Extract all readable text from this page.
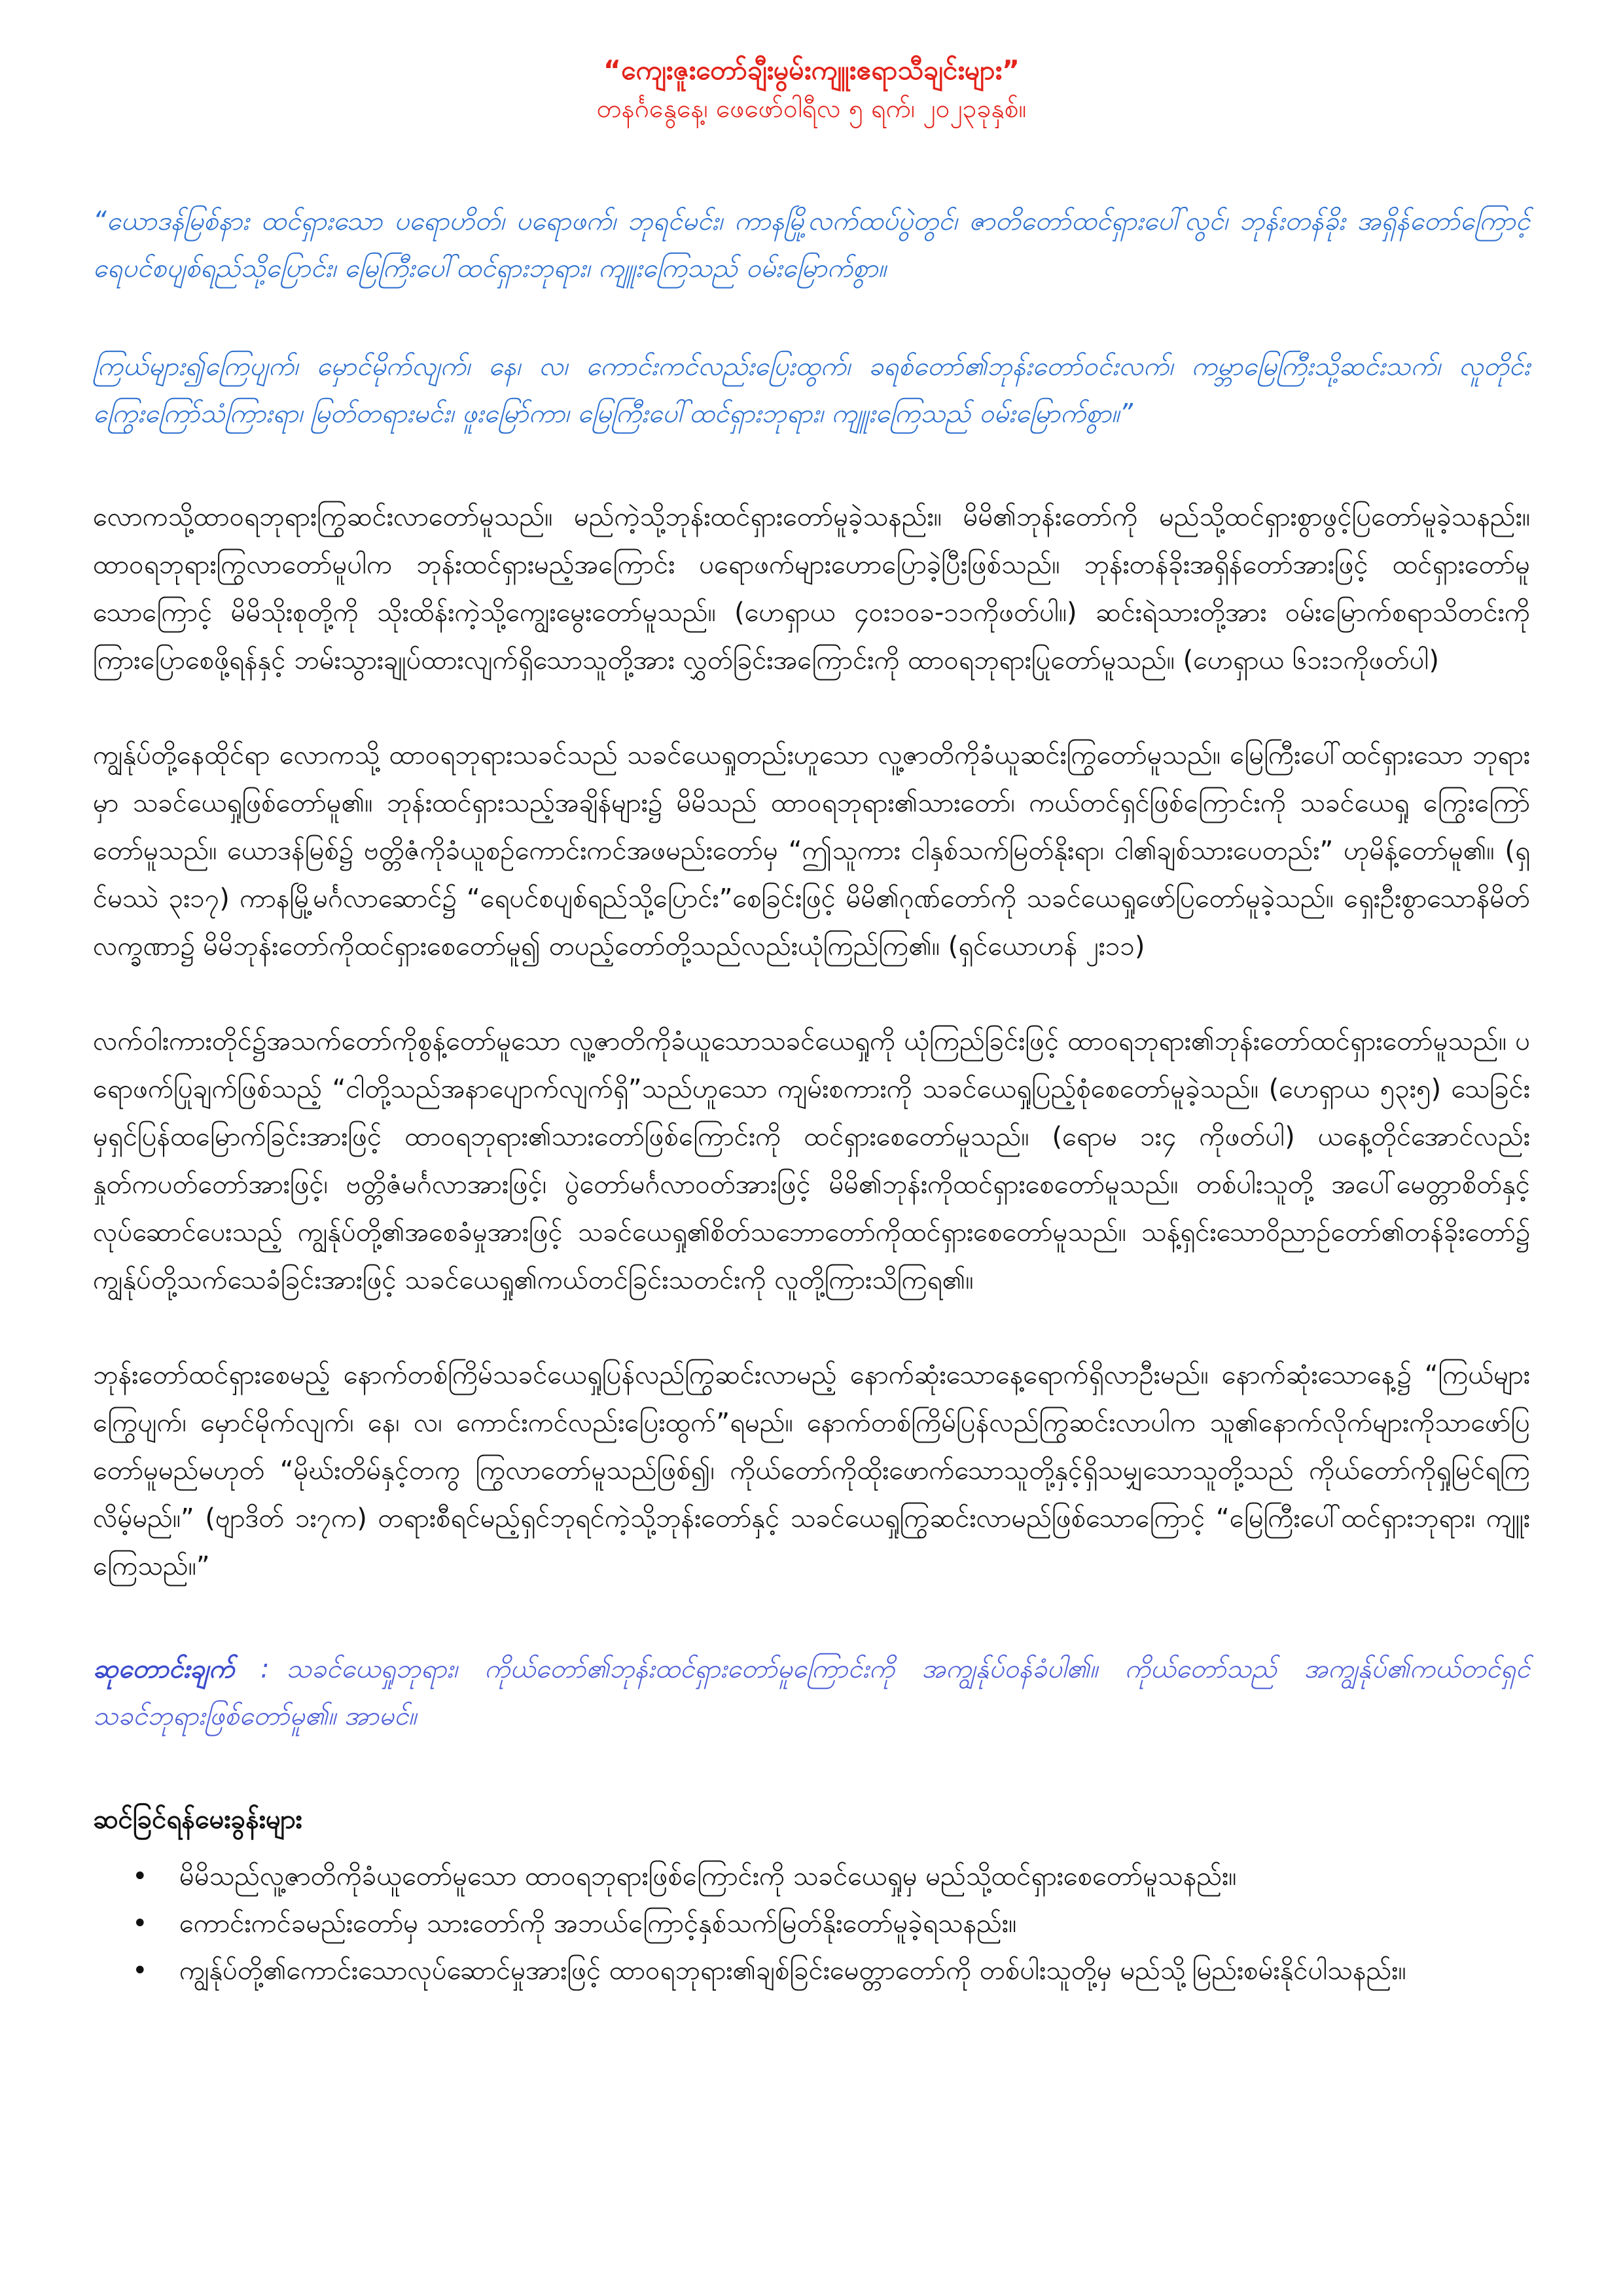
“ကျေးဇူးတော်ချီးမွမ်းကျူးဧရာသီချင်းများ”

တနင်္ဂနွေနေ့၊ ဖေဖော်ဝါရီလ ၅ ရက်၊ ၂၀၂၃ခုနှစ်။

“ယောဒန်မြစ်နား ထင်ရှားသော ပရောဟိတ်၊ ပရောဖက်၊ ဘုရင်မင်း၊ ကာနမြို့လက်ထပ်ပွဲတွင်၊ ဇာတိတော်ထင်ရှားပေါ်လွင်၊ ဘုန်းတန်ခိုး အရှိန်တော်ကြောင့် ရေပင်စပျစ်ရည်သို့ပြောင်း၊ မြေကြီးပေါ်ထင်ရှားဘုရား၊ ကျူးကြေသည် ဝမ်းမြောက်စွာ။

ကြယ်များ၍ကြေပျက်၊ မှောင်မိုက်လျက်၊ နေ၊ လ၊ ကောင်းကင်လည်းပြေးထွက်၊ ခရစ်တော်၏ဘုန်းတော်ဝင်းလက်၊ ကမ္ဘာမြေကြီးသို့ဆင်းသက်၊ လူတိုင်း ကြွေးကြော်သံကြားရာ၊ မြတ်တရားမင်း၊ ဖူးမြော်ကာ၊ မြေကြီးပေါ်ထင်ရှားဘုရား၊ ကျူးကြေသည် ဝမ်းမြောက်စွာ။”

လောကသို့ထာဝရဘုရားကြွဆင်းလာတော်မူသည်။ မည်ကဲ့သို့ဘုန်းထင်ရှားတော်မူခဲ့သနည်း။ မိမိ၏ဘုန်းတော်ကို မည်သို့ထင်ရှားစွာဖွင့်ပြတော်မူခဲ့သနည်း။ ထာဝရဘုရားကြွလာတော်မူပါက ဘုန်းထင်ရှားမည့်အကြောင်း ပရောဖက်များဟောပြောခဲ့ပြီးဖြစ်သည်။ ဘုန်းတန်ခိုးအရှိန်တော်အားဖြင့် ထင်ရှားတော်မူသောကြောင့် မိမိသိုးစုတို့ကို သိုးထိန်းကဲ့သို့ကျွေးမွေးတော်မူသည်။ (ဟေရှာယ ၄၀း၁၀ခ-၁၁ကိုဖတ်ပါ။) ဆင်းရဲသားတို့အား ဝမ်းမြောက်စရာသိတင်းကို ကြားပြောစေဖို့ရန်နှင့် ဘမ်းသွားချုပ်ထားလျက်ရှိသောသူတို့အား လွှတ်ခြင်းအကြောင်းကို ထာဝရဘုရားပြုတော်မူသည်။ (ဟေရှာယ ၆၁း၁ကိုဖတ်ပါ)

ကျွန်ုပ်တို့နေထိုင်ရာ လောကသို့ ထာဝရဘုရားသခင်သည် သခင်ယေရှုတည်းဟူသော လူ့ဇာတိကိုခံယူဆင်းကြွတော်မူသည်။ မြေကြီးပေါ်ထင်ရှားသော ဘုရားမှာ သခင်ယေရှုဖြစ်တော်မူ၏။ ဘုန်းထင်ရှားသည့်အချိန်များ၌ မိမိသည် ထာဝရဘုရား၏သားတော်၊ ကယ်တင်ရှင်ဖြစ်ကြောင်းကို သခင်ယေရှု ကြွေးကြော်တော်မူသည်။ ယောဒန်မြစ်၌ ဗတ္တိဇံကိုခံယူစဉ်ကောင်းကင်အဖမည်းတော်မှ “ဤသူကား ငါနှစ်သက်မြတ်နိုးရာ၊ ငါ၏ချစ်သားပေတည်း” ဟုမိန့်တော်မူ၏။ (ရှင်မဿဲ ၃း၁၇) ကာနမြို့မင်္ဂလာဆောင်၌ “ရေပင်စပျစ်ရည်သို့ပြောင်း”စေခြင်းဖြင့် မိမိ၏ဂုဏ်တော်ကို သခင်ယေရှုဖော်ပြတော်မူခဲ့သည်။ ရှေးဦးစွာသောနိမိတ်လက္ခဏာ၌ မိမိဘုန်းတော်ကိုထင်ရှားစေတော်မူ၍ တပည့်တော်တို့သည်လည်းယုံကြည်ကြ၏။ (ရှင်ယောဟန် ၂း၁၁)

လက်ဝါးကားတိုင်၌အသက်တော်ကိုစွန့်တော်မူသော လူ့ဇာတိကိုခံယူသောသခင်ယေရှုကို ယုံကြည်ခြင်းဖြင့် ထာဝရဘုရား၏ဘုန်းတော်ထင်ရှားတော်မူသည်။ ပရောဖက်ပြုချက်ဖြစ်သည့် “ငါတို့သည်အနာပျောက်လျက်ရှိ”သည်ဟူသော ကျမ်းစကားကို သခင်ယေရှုပြည့်စုံစေတော်မူခဲ့သည်။ (ဟေရှာယ ၅၃း၅) သေခြင်းမှရှင်ပြန်ထမြောက်ခြင်းအားဖြင့် ထာဝရဘုရား၏သားတော်ဖြစ်ကြောင်းကို ထင်ရှားစေတော်မူသည်။ (ရောမ ၁း၄ ကိုဖတ်ပါ) ယနေ့တိုင်အောင်လည်း နှုတ်ကပတ်တော်အားဖြင့်၊ ဗတ္တိဇံမင်္ဂလာအားဖြင့်၊ ပွဲတော်မင်္ဂလာဝတ်အားဖြင့် မိမိ၏ဘုန်းကိုထင်ရှားစေတော်မူသည်။ တစ်ပါးသူတို့ အပေါ်မေတ္တာစိတ်နှင့်လုပ်ဆောင်ပေးသည့် ကျွန်ုပ်တို့၏အစေခံမှုအားဖြင့် သခင်ယေရှု၏စိတ်သဘောတော်ကိုထင်ရှားစေတော်မူသည်။ သန့်ရှင်းသောဝိညာဉ်တော်၏တန်ခိုးတော်၌ ကျွန်ုပ်တို့သက်သေခံခြင်းအားဖြင့် သခင်ယေရှု၏ကယ်တင်ခြင်းသတင်းကို လူတို့ကြားသိကြရ၏။

ဘုန်းတော်ထင်ရှားစေမည့် နောက်တစ်ကြိမ်သခင်ယေရှုပြန်လည်ကြွဆင်းလာမည့် နောက်ဆုံးသောနေ့ရောက်ရှိလာဦးမည်။ နောက်ဆုံးသောနေ့၌ “ကြယ်များကြွေပျက်၊ မှောင်မိုက်လျက်၊ နေ၊ လ၊ ကောင်းကင်လည်းပြေးထွက်”ရမည်။ နောက်တစ်ကြိမ်ပြန်လည်ကြွဆင်းလာပါက သူ၏နောက်လိုက်များကိုသာဖော်ပြတော်မူမည်မဟုတ် “မိုဃ်းတိမ်နှင့်တကွ ကြွလာတော်မူသည်ဖြစ်၍၊ ကိုယ်တော်ကိုထိုးဖောက်သောသူတို့နှင့်ရှိသမျှသောသူတို့သည် ကိုယ်တော်ကိုရှုမြင်ရကြလိမ့်မည်။” (ဗျာဒိတ် ၁း၇က) တရားစီရင်မည့်ရှင်ဘုရင်ကဲ့သို့ဘုန်းတော်နှင့် သခင်ယေရှုကြွဆင်းလာမည်ဖြစ်သောကြောင့် “မြေကြီးပေါ်ထင်ရှားဘုရား၊ ကျူးကြေသည်။”

ဆုတောင်းချက် : သခင်ယေရှုဘုရား၊ ကိုယ်တော်၏ဘုန်းထင်ရှားတော်မူကြောင်းကို အကျွန်ုပ်ဝန်ခံပါ၏။ ကိုယ်တော်သည် အကျွန်ုပ်၏ကယ်တင်ရှင်သခင်ဘုရားဖြစ်တော်မူ၏။ အာမင်။

ဆင်ခြင်ရန်မေးခွန်းများ
• မိမိသည်လူ့ဇာတိကိုခံယူတော်မူသော ထာဝရဘုရားဖြစ်ကြောင်းကို သခင်ယေရှုမှ မည်သို့ထင်ရှားစေတော်မူသနည်း။
• ကောင်းကင်ခမည်းတော်မှ သားတော်ကို အဘယ်ကြောင့်နှစ်သက်မြတ်နိုးတော်မူခဲ့ရသနည်း။
• ကျွန်ုပ်တို့၏ကောင်းသောလုပ်ဆောင်မှုအားဖြင့် ထာဝရဘုရား၏ချစ်ခြင်းမေတ္တာတော်ကို တစ်ပါးသူတို့မှ မည်သို့မြည်းစမ်းနိုင်ပါသနည်း။
